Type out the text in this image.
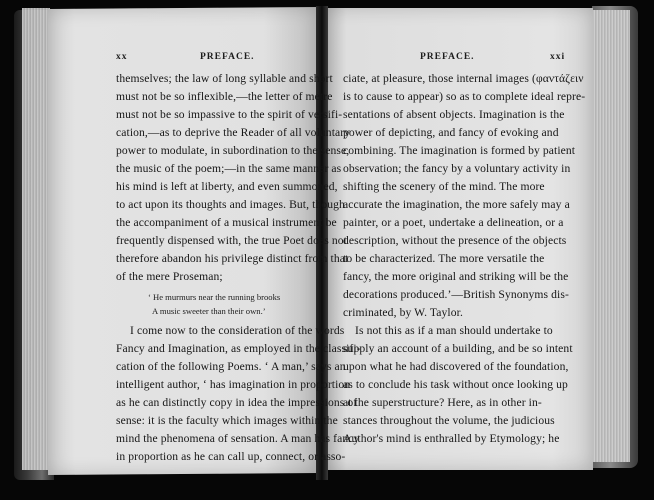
xx	PREFACE.	PREFACE.	xxi
themselves; the law of long syllable and short
must not be so inflexible,—the letter of metre
must not be so impassive to the spirit of versifi-
cation,—as to deprive the Reader of all voluntary
power to modulate, in subordination to the sense,
the music of the poem;—in the same manner as
his mind is left at liberty, and even summoned,
to act upon its thoughts and images. But, though
the accompaniment of a musical instrument be
frequently dispensed with, the true Poet does not
therefore abandon his privilege distinct from that
of the mere Proseman;
‘ He murmurs near the running brooks
A music sweeter than their own.’
I come now to the consideration of the words
Fancy and Imagination, as employed in the classifi-
cation of the following Poems. ‘ A man,’ says an
intelligent author, ‘ has imagination in proportion
as he can distinctly copy in idea the impressions of
sense: it is the faculty which images within the
mind the phenomena of sensation. A man has fancy
in proportion as he can call up, connect, or asso-
ciate, at pleasure, those internal images (φαντάζειν
is to cause to appear) so as to complete ideal repre-
sentations of absent objects. Imagination is the
power of depicting, and fancy of evoking and
combining. The imagination is formed by patient
observation; the fancy by a voluntary activity in
shifting the scenery of the mind. The more
accurate the imagination, the more safely may a
painter, or a poet, undertake a delineation, or a
description, without the presence of the objects
to be characterized. The more versatile the
fancy, the more original and striking will be the
decorations produced.’—British Synonyms dis-
criminated, by W. Taylor.
Is not this as if a man should undertake to
supply an account of a building, and be so intent
upon what he had discovered of the foundation,
as to conclude his task without once looking up
at the superstructure? Here, as in other in-
stances throughout the volume, the judicious
Author's mind is enthralled by Etymology; he
